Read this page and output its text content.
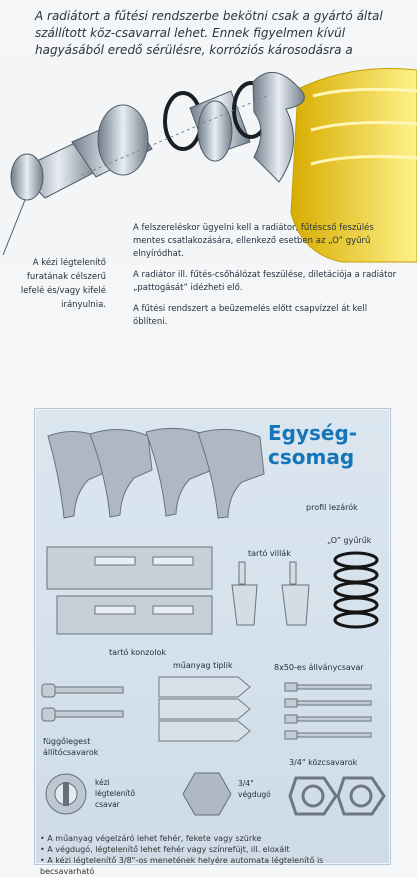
A radiátort a fűtési rendszerbe bekötni csak a gyártó által szállított köz-csavarral lehet. Ennek figyelmen kívül hagyásából eredő sérülésre, korróziós károsodásra a
A kézi légtelenítő furatának célszerű lefelé és/vagy kifelé irányulnia.

A felszereléskor ügyelni kell a radiátor, fűtéscső feszülés mentes csatlakozására, ellenkező esetben az „O” gyűrű elnyíródhat.

A radiátor ill. fűtés-csőhálózat feszülése, diletációja a radiátor „pattogását” idézheti elő.

A fűtési rendszert a beüzemelés előtt csapvízzel át kell öblíteni.

Egység-
csomag
profil lezárók
tartó konzolok
tartó villák
„O” gyűrűk
függőlegest állítócsavarok
műanyag tiplik	8x50-es állványcsavar
kézi légtelenítő csavar
3/4" végdugó
3/4" közcsavarok
• A műanyag végelzáró lehet fehér, fekete vagy szürke
• A végdugó, légtelenítő lehet fehér vagy színrefújt, ill. eloxált
• A kézi légtelenítő 3/8"-os menetének helyére automata légtelenítő is becsavarható
